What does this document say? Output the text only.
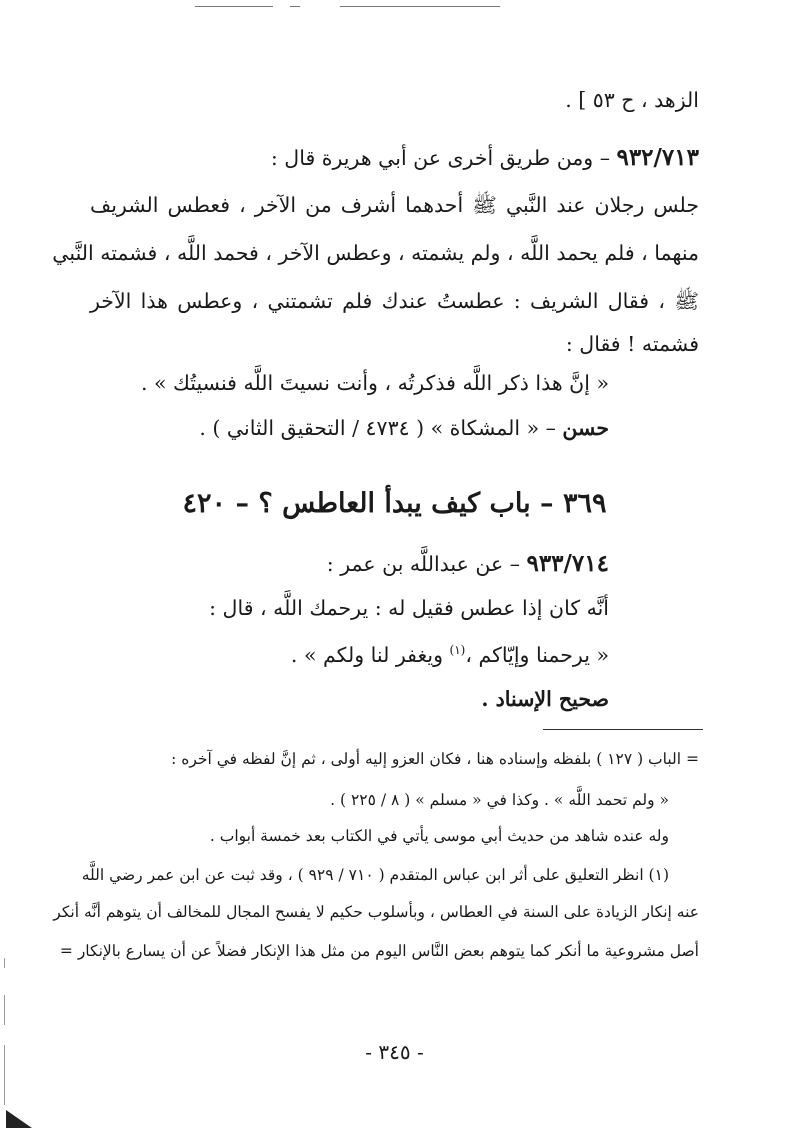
الزهد ، ح ٥٣ ] .
٩٣٢/٧١٣ – ومن طريق أخرى عن أبي هريرة قال :
جلس رجلان عند النَّبي ﷺ أحدهما أشرف من الآخر ، فعطس الشريف
منهما ، فلم يحمد اللَّه ، ولم يشمته ، وعطس الآخر ، فحمد اللَّه ، فشمته النَّبي
ﷺ ، فقال الشريف : عطستُ عندك فلم تشمتني ، وعطس هذا الآخر
فشمته ! فقال :
« إنَّ هذا ذكر اللَّه فذكرتُه ، وأنت نسيتَ اللَّه فنسيتُك » .
حسن – « المشكاة » ( ٤٧٣٤ / التحقيق الثاني ) .
٣٦٩ – باب كيف يبدأ العاطس ؟ – ٤٢٠
٩٣٣/٧١٤ – عن عبداللَّه بن عمر :
أنَّه كان إذا عطس فقيل له : يرحمك اللَّه ، قال :
« يرحمنا وإيّاكم ،$^{(١)}$ ويغفر لنا ولكم » .
صحيح الإسناد .
= الباب ( ١٢٧ ) بلفظه وإسناده هنا ، فكان العزو إليه أولى ، ثم إنَّ لفظه في آخره :
« ولم تحمد اللَّه » . وكذا في « مسلم » ( ٨ / ٢٢٥ ) .
وله عنده شاهد من حديث أبي موسى يأتي في الكتاب بعد خمسة أبواب .
(١) انظر التعليق على أثر ابن عباس المتقدم ( ٧١٠ / ٩٢٩ ) ، وقد ثبت عن ابن عمر رضي اللَّه
عنه إنكار الزيادة على السنة في العطاس ، وبأسلوب حكيم لا يفسح المجال للمخالف أن يتوهم أنَّه أنكر
أصل مشروعية ما أنكر كما يتوهم بعض النَّاس اليوم من مثل هذا الإنكار فضلاً عن أن يسارع بالإنكار =
- ٣٤٥ -
